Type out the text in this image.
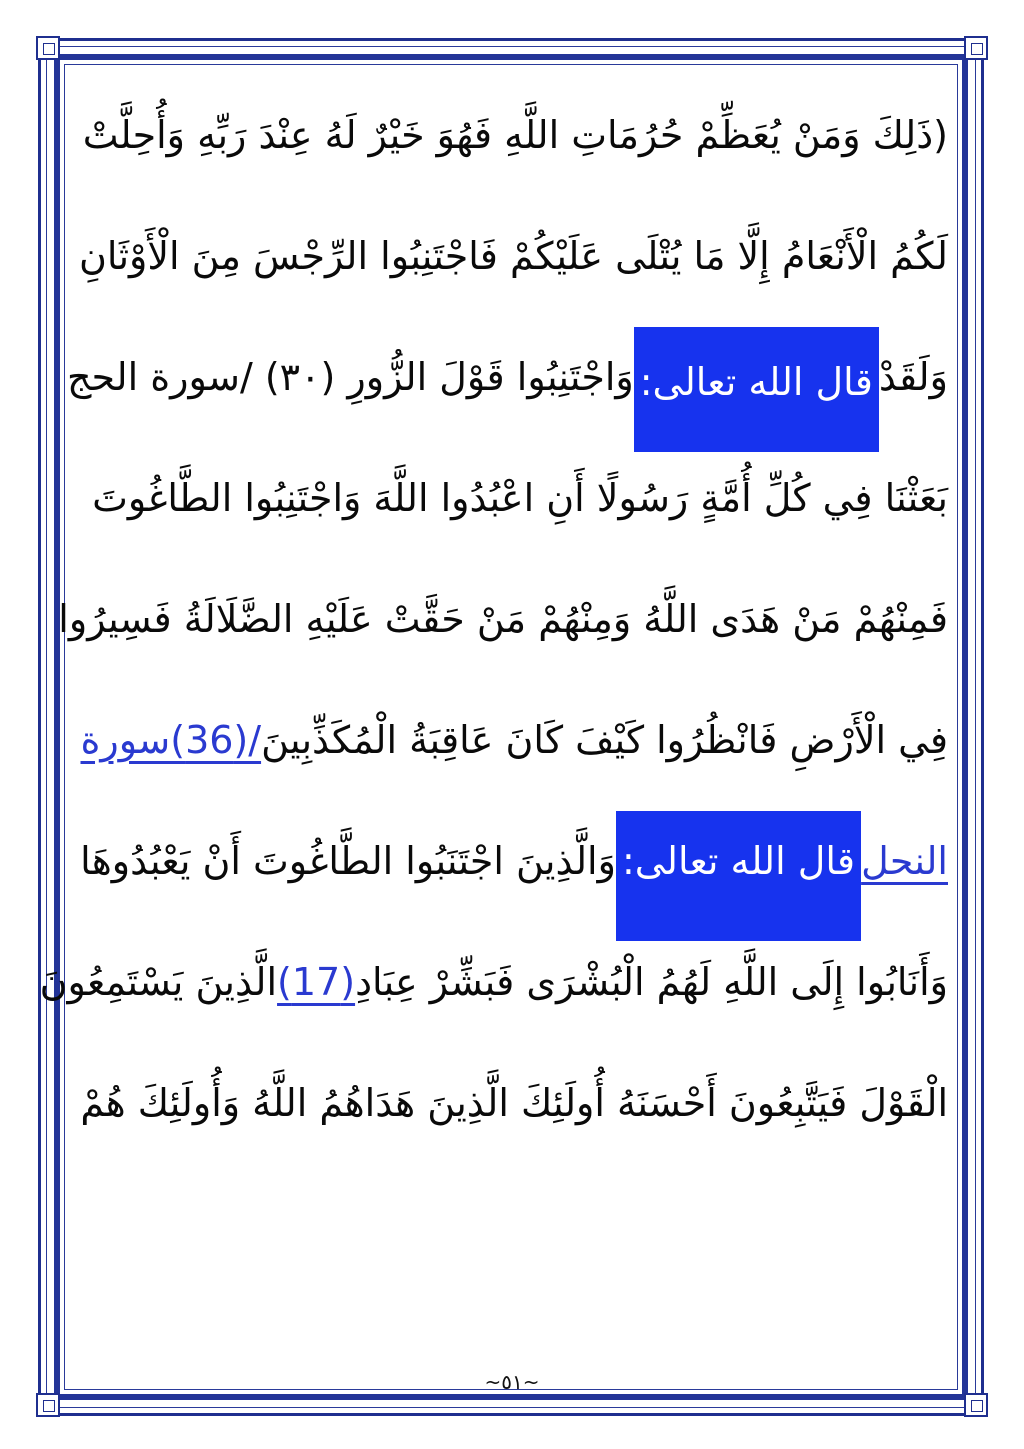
(ذَلِكَ وَمَنْ يُعَظِّمْ حُرُمَاتِ اللَّهِ فَهُوَ خَيْرٌ لَهُ عِنْدَ رَبِّهِ وَأُحِلَّتْ
لَكُمُ الْأَنْعَامُ إِلَّا مَا يُتْلَى عَلَيْكُمْ فَاجْتَنِبُوا الرِّجْسَ مِنَ الْأَوْثَانِ
وَلَقَدْ
قال الله تعالى:
وَاجْتَنِبُوا قَوْلَ الزُّورِ (٣٠) /سورة الحج
بَعَثْنَا فِي كُلِّ أُمَّةٍ رَسُولًا أَنِ اعْبُدُوا اللَّهَ وَاجْتَنِبُوا الطَّاغُوتَ
فَمِنْهُمْ مَنْ هَدَى اللَّهُ وَمِنْهُمْ مَنْ حَقَّتْ عَلَيْهِ الضَّلَالَةُ فَسِيرُوا
فِي الْأَرْضِ فَانْظُرُوا كَيْفَ كَانَ عَاقِبَةُ الْمُكَذِّبِينَ
/(36)سورة
النحل
قال الله تعالى:
وَالَّذِينَ اجْتَنَبُوا الطَّاغُوتَ أَنْ يَعْبُدُوهَا
وَأَنَابُوا إِلَى اللَّهِ لَهُمُ الْبُشْرَى فَبَشِّرْ عِبَادِ
(17)
الَّذِينَ يَسْتَمِعُونَ
الْقَوْلَ فَيَتَّبِعُونَ أَحْسَنَهُ أُولَئِكَ الَّذِينَ هَدَاهُمُ اللَّهُ وَأُولَئِكَ هُمْ
~٥١~
